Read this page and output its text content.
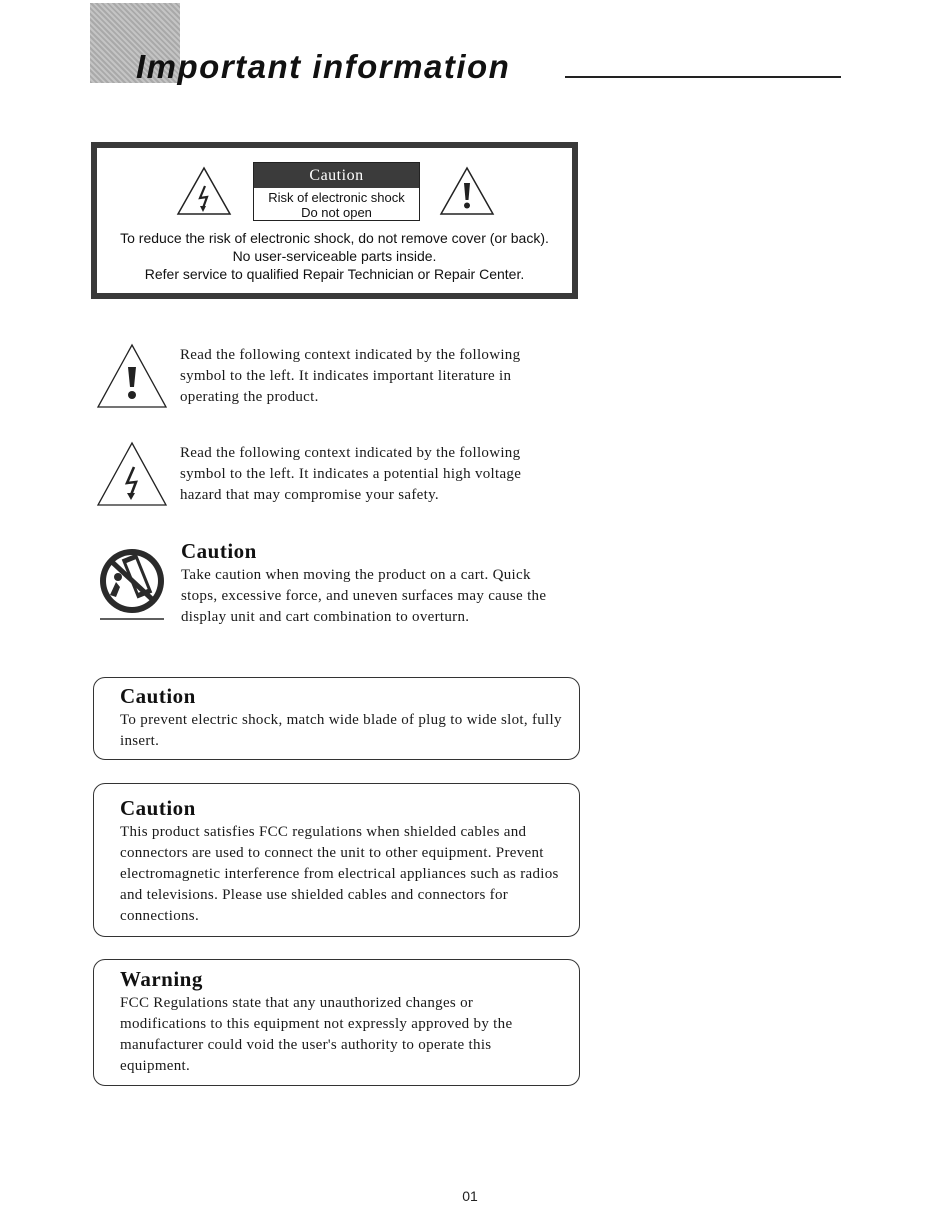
Important information
Caution
Risk of electronic shock
Do not open
To reduce the risk of electronic shock, do not remove cover (or back).
No user-serviceable parts inside.
Refer service to qualified Repair Technician or Repair Center.
Read the following context indicated by the following symbol to the left. It indicates important literature in operating the product.
Read the following context indicated by the following symbol to the left. It indicates a potential high voltage hazard that may compromise your safety.
Caution
Take caution when moving the product on a cart. Quick stops, excessive force, and uneven surfaces may cause the display unit and cart combination to overturn.
Caution
To prevent electric shock, match wide blade of plug to wide slot, fully insert.
Caution
This product satisfies FCC regulations when shielded cables and connectors are used to connect the unit to other equipment. Prevent electromagnetic interference from electrical appliances such as radios and televisions. Please use shielded cables and connectors for connections.
Warning
FCC Regulations state that any unauthorized changes or modifications to this equipment not expressly approved by the manufacturer could void the user's authority to operate this equipment.
01
